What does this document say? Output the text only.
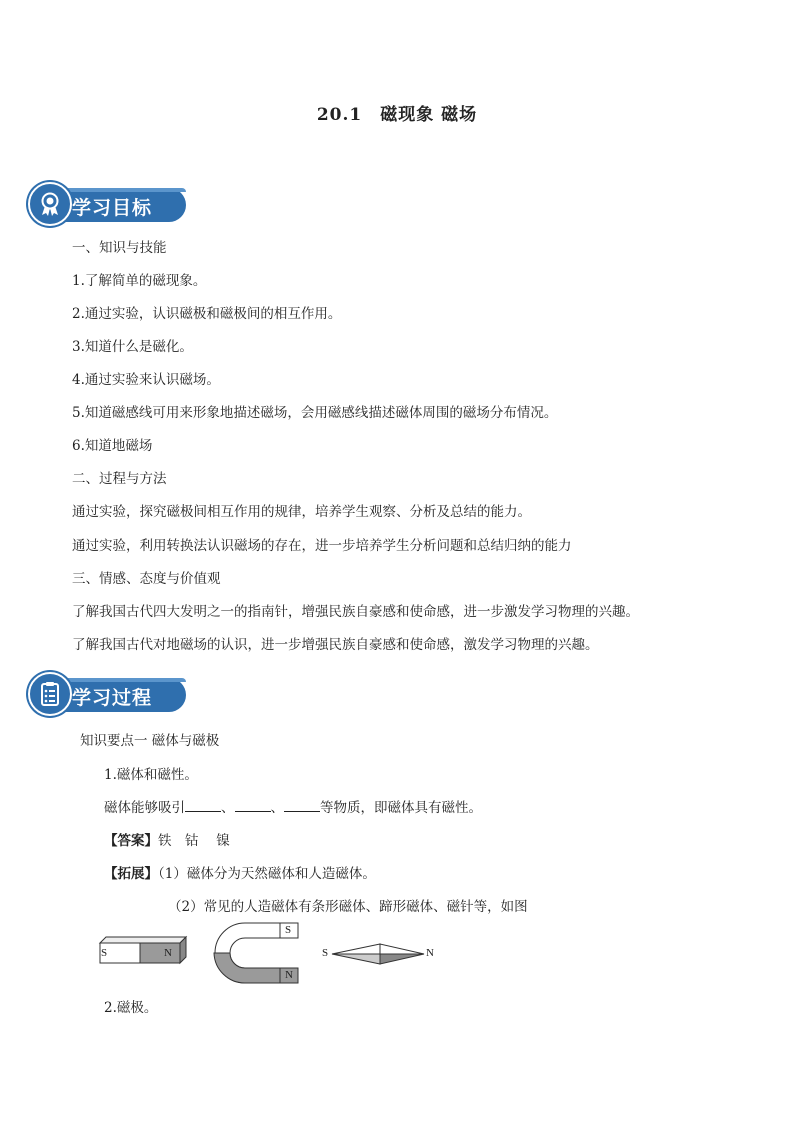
20.1　磁现象 磁场
学习目标
一、知识与技能
1.了解简单的磁现象。
2.通过实验，认识磁极和磁极间的相互作用。
3.知道什么是磁化。
4.通过实验来认识磁场。
5.知道磁感线可用来形象地描述磁场，会用磁感线描述磁体周围的磁场分布情况。
6.知道地磁场
二、过程与方法
通过实验，探究磁极间相互作用的规律，培养学生观察、分析及总结的能力。
通过实验，利用转换法认识磁场的存在，进一步培养学生分析问题和总结归纳的能力
三、情感、态度与价值观
了解我国古代四大发明之一的指南针，增强民族自豪感和使命感，进一步激发学习物理的兴趣。
了解我国古代对地磁场的认识，进一步增强民族自豪感和使命感，激发学习物理的兴趣。
学习过程
知识要点一 磁体与磁极
1.磁体和磁性。
磁体能够吸引	、	、	等物质，即磁体具有磁性。
【答案】铁　钴　 镍
【拓展】（1）磁体分为天然磁体和人造磁体。
（2）常见的人造磁体有条形磁体、蹄形磁体、磁针等，如图
S	N
S
N
S	N
2.磁极。
